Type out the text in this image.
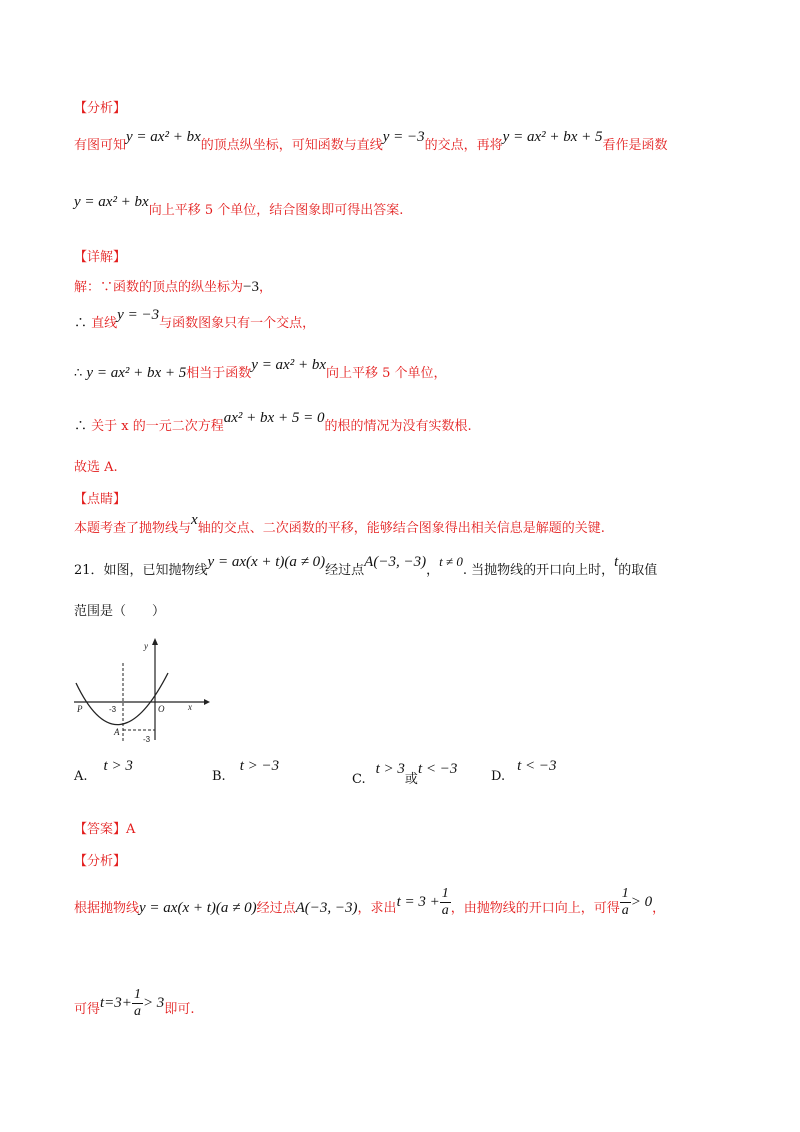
【分析】
有图可知y = ax² + bx的顶点纵坐标，可知函数与直线y = −3的交点，再将y = ax² + bx + 5看作是函数
y = ax² + bx向上平移 5 个单位，结合图象即可得出答案.
【详解】
解：∵函数的顶点的纵坐标为−3，
∴ 直线y = −3与函数图象只有一个交点，
∴ y = ax² + bx + 5相当于函数y = ax² + bx向上平移 5 个单位，
∴ 关于 x 的一元二次方程ax² + bx + 5 = 0的根的情况为没有实数根.
故选 A.
【点睛】
本题考查了抛物线与x轴的交点、二次函数的平移，能够结合图象得出相关信息是解题的关键.
21．如图，已知抛物线y = ax(x + t)(a ≠ 0)经过点A(−3, −3)，t ≠ 0. 当抛物线的开口向上时，t的取值
范围是（　　）
y
x
P	O
-3
A
-3
A.t > 3
B.t > −3
C.t > 3或t < −3	D.t < −3
【答案】A
【分析】
根据抛物线y = ax(x + t)(a ≠ 0)经过点A(−3, −3)，求出$t = 3 + \frac{1}{a}$ ，由抛物线的开口向上，可得 $\frac{1}{a} > 0$，
可得$t=3+ \frac{1}{a} > 3$即可.
